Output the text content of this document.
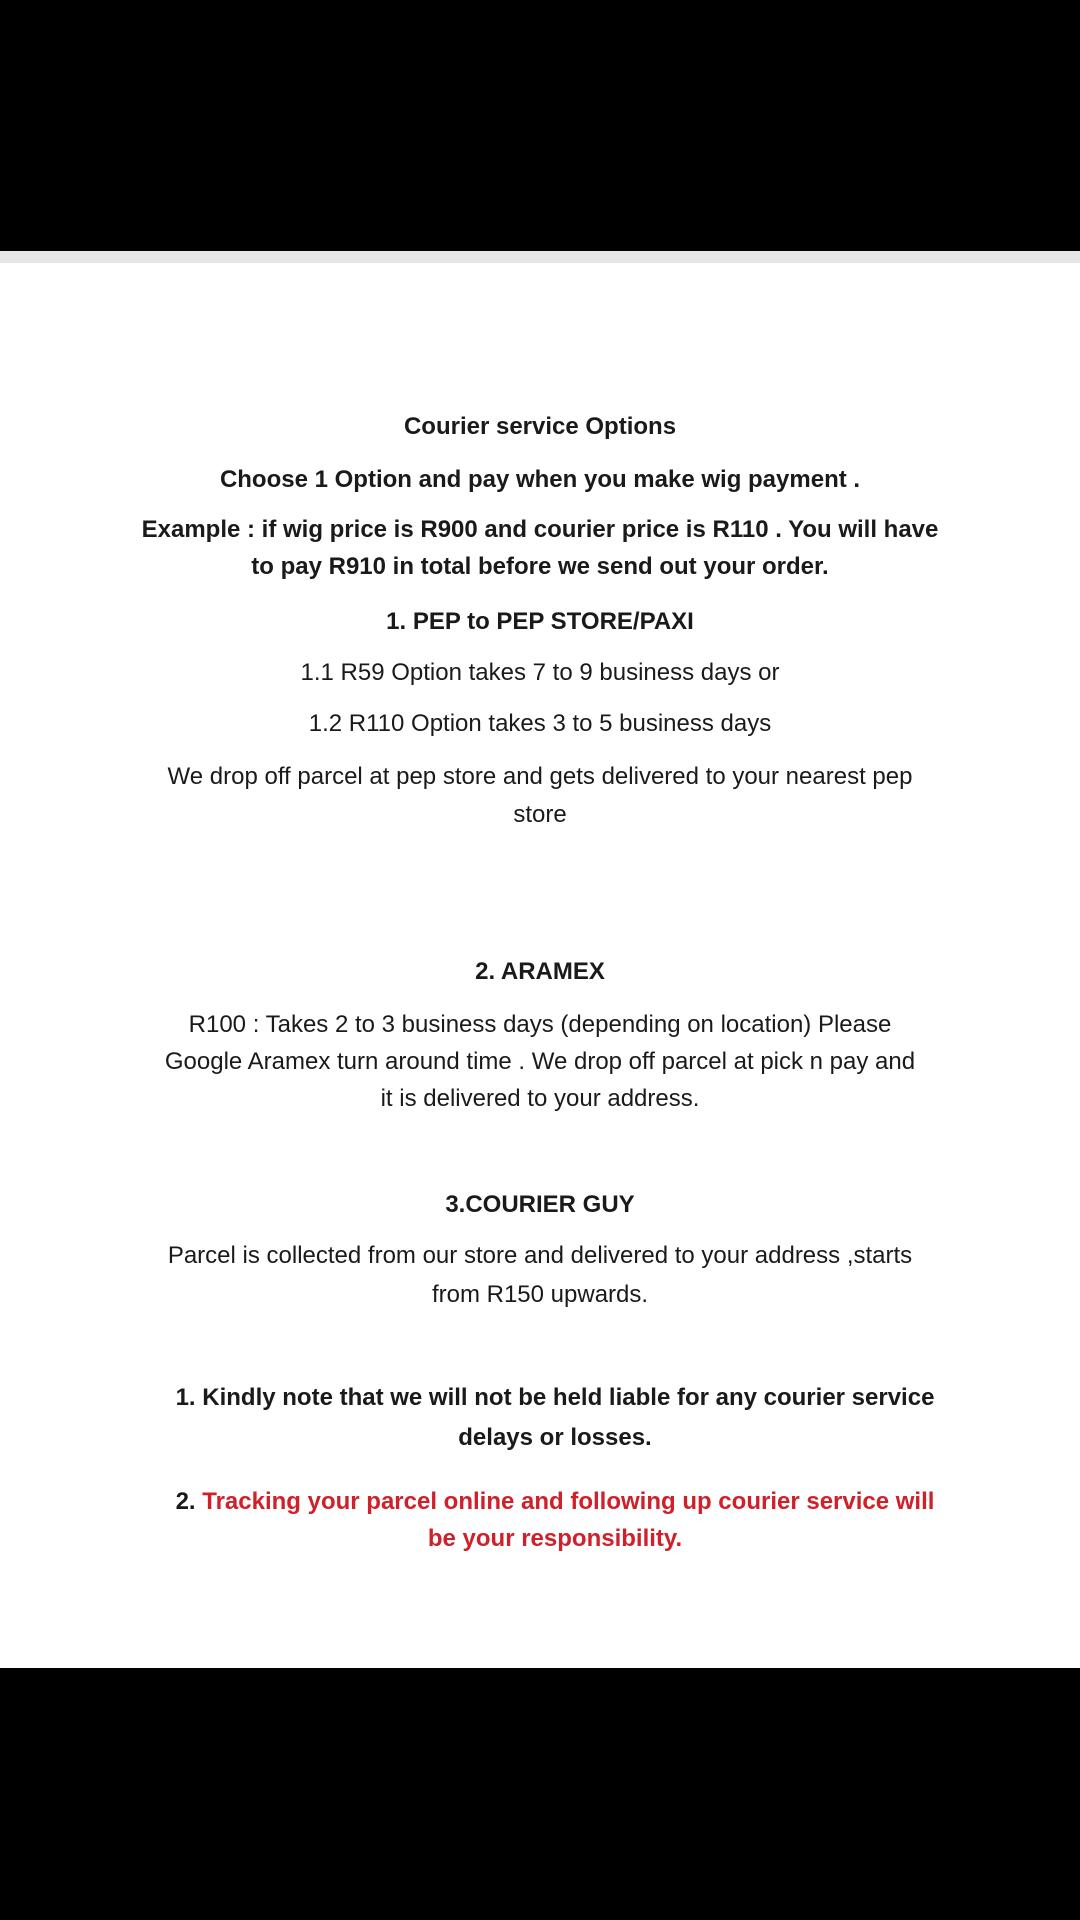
Courier service Options
Choose 1 Option and pay when you make wig payment .
Example : if wig price is R900 and courier price is R110 . You will have
to pay R910 in total before we send out your order.
1. PEP to PEP STORE/PAXI
1.1 R59 Option takes 7 to 9 business days or
1.2 R110 Option takes 3 to 5 business days
We drop off parcel at pep store and gets delivered to your nearest pep
store
2. ARAMEX
R100 : Takes 2 to 3 business days (depending on location) Please
Google Aramex turn around time . We drop off parcel at pick n pay and
it is delivered to your address.
3.COURIER GUY
Parcel is collected from our store and delivered to your address ,starts
from R150 upwards.
1. Kindly note that we will not be held liable for any courier service
delays or losses.
2. Tracking your parcel online and following up courier service will
be your responsibility.
